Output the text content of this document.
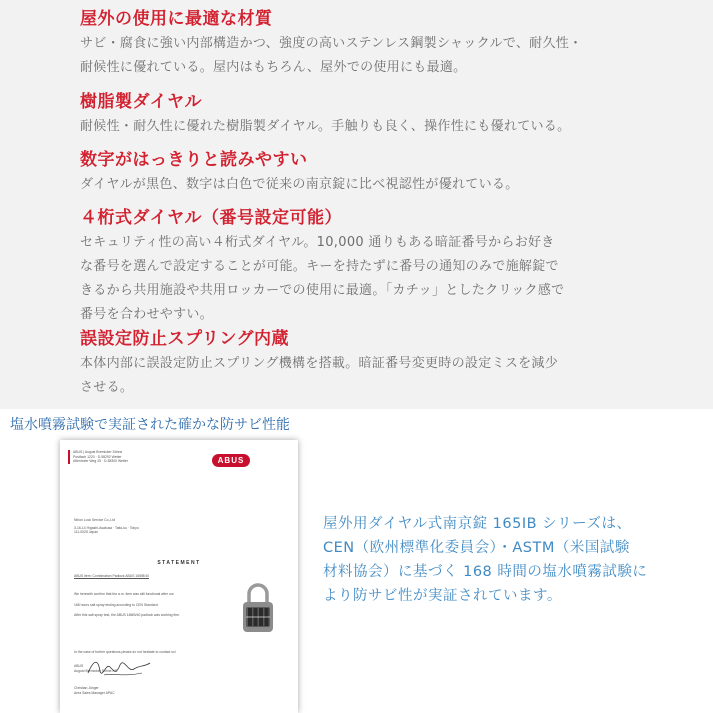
屋外の使用に最適な材質

サビ・腐食に強い内部構造かつ、強度の高いステンレス鋼製シャックルで、耐久性・
耐候性に優れている。屋内はもちろん、屋外での使用にも最適。

樹脂製ダイヤル

耐候性・耐久性に優れた樹脂製ダイヤル。手触りも良く、操作性にも優れている。

数字がはっきりと読みやすい

ダイヤルが黒色、数字は白色で従来の南京錠に比べ視認性が優れている。

４桁式ダイヤル（番号設定可能）

セキュリティ性の高い４桁式ダイヤル。10,000 通りもある暗証番号からお好き
な番号を選んで設定することが可能。キーを持たずに番号の通知のみで施解錠で
きるから共用施設や共用ロッカーでの使用に最適。「カチッ」としたクリック感で
番号を合わせやすい。

誤設定防止スプリング内蔵

本体内部に誤設定防止スプリング機構を搭載。暗証番号変更時の設定ミスを減少
させる。

塩水噴霧試験で実証された確かな防サビ性能
ABUS | August Bremicker Söhne
Postfach 1220 · D-58292 Wetter
Altenhofer Weg 25 · D-58300 Wetter	ABUS
Nihon Lock Service Co.,Ltd
3-16-14 Higashi-Asakusa · Taito-ku · Tokyo
111-0025 Japan
STATEMENT
ABUS item: Combination Padlock ABUS 165IB/40
We herewith confirm that the a.m. item was still functional after our
168 hours salt spray testing according to CEN Standard.
After this salt spray test, the ABUS 165IB/40 padlock was working fine.
In the case of further questions please do not hesitate to contact us!
ABUS
August Bremicker Söhne KG
Christian Jünger
Area Sales Manager APAC

屋外用ダイヤル式南京錠 165IB シリーズは、
CEN（欧州標準化委員会）・ASTM（米国試験
材料協会）に基づく 168 時間の塩水噴霧試験に
より防サビ性が実証されています。
